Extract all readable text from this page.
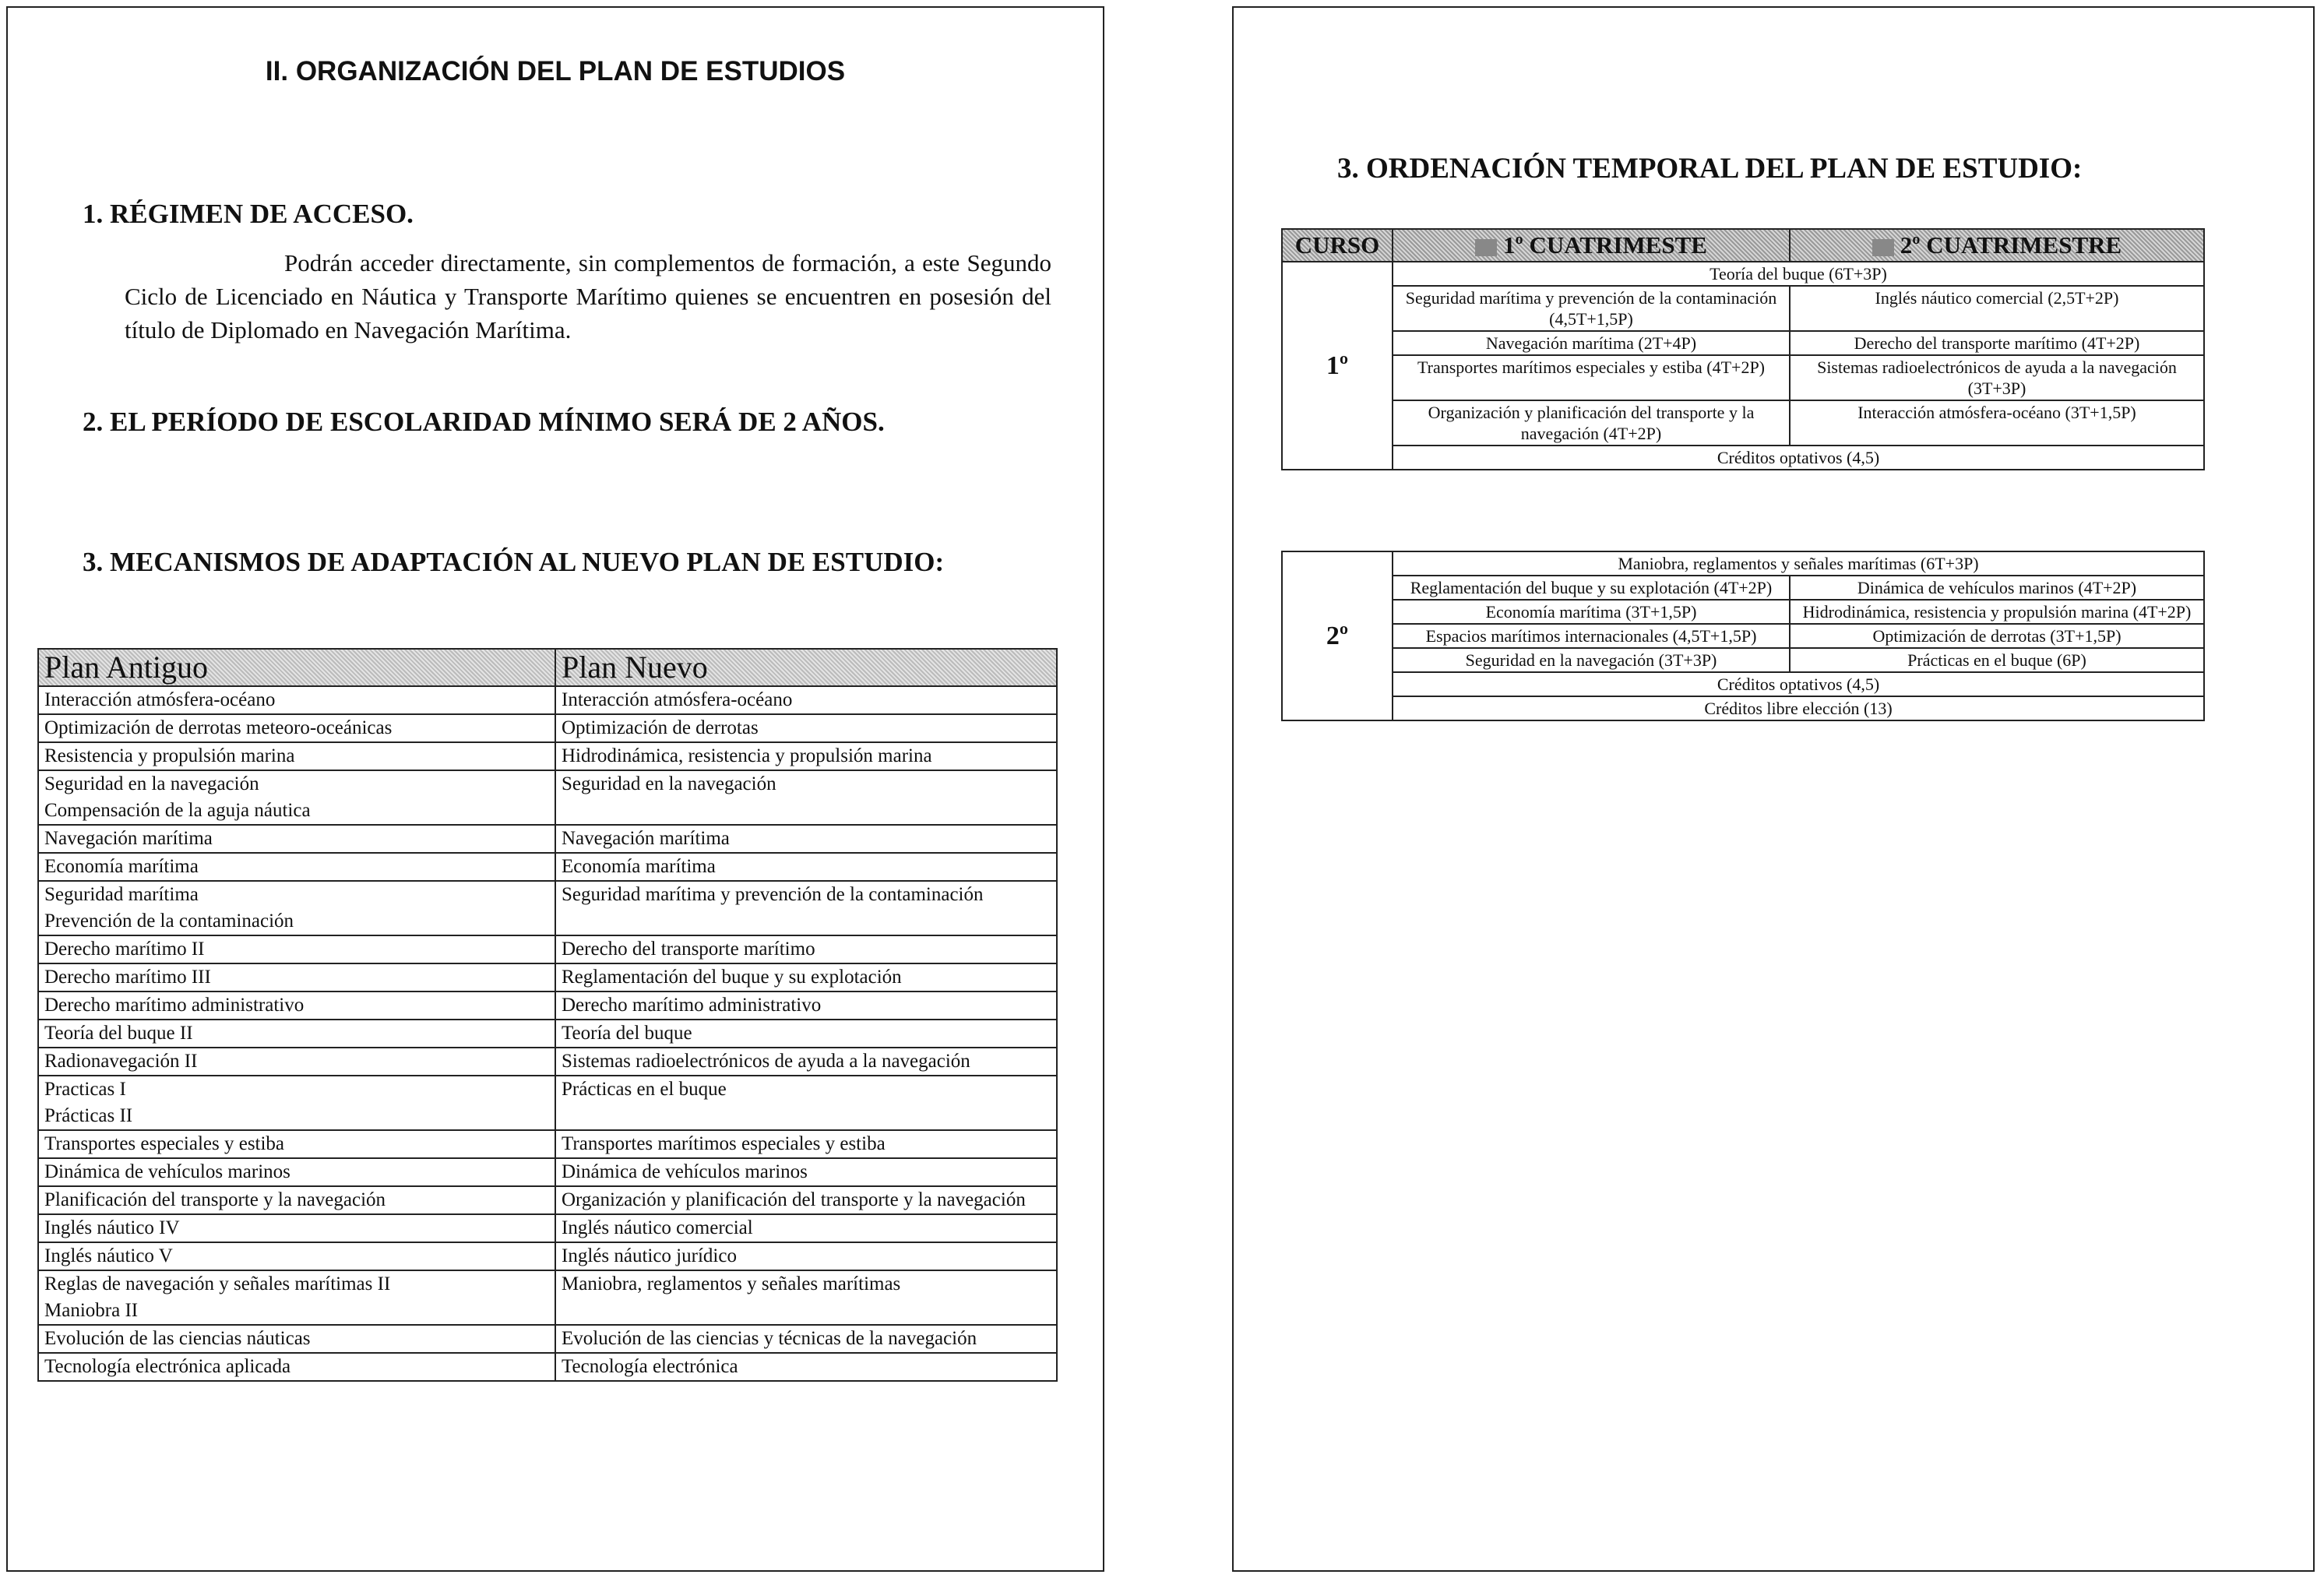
II. ORGANIZACIÓN DEL PLAN DE ESTUDIOS
1. RÉGIMEN DE ACCESO.
Podrán acceder directamente, sin complementos de formación, a este Segundo Ciclo de Licenciado en Náutica y Transporte Marítimo quienes se encuentren en posesión del título de Diplomado en Navegación Marítima.
2. EL PERÍODO DE ESCOLARIDAD MÍNIMO SERÁ DE 2 AÑOS.
3. MECANISMOS DE ADAPTACIÓN AL NUEVO PLAN DE ESTUDIO:
Plan Antiguo	Plan Nuevo
Interacción atmósfera-océano	Interacción atmósfera-océano
Optimización de derrotas meteoro-oceánicas	Optimización de derrotas
Resistencia y propulsión marina	Hidrodinámica, resistencia y propulsión marina
Seguridad en la navegación
Compensación de la aguja náutica	Seguridad en la navegación
Navegación marítima	Navegación marítima
Economía marítima	Economía marítima
Seguridad marítima
Prevención de la contaminación	Seguridad marítima y prevención de la contaminación
Derecho marítimo II	Derecho del transporte marítimo
Derecho marítimo III	Reglamentación del buque y su explotación
Derecho marítimo administrativo	Derecho marítimo administrativo
Teoría del buque II	Teoría del buque
Radionavegación II	Sistemas radioelectrónicos de ayuda a la navegación
Practicas I
Prácticas II	Prácticas en el buque
Transportes especiales y estiba	Transportes marítimos especiales y estiba
Dinámica de vehículos marinos	Dinámica de vehículos marinos
Planificación del transporte y la navegación	Organización y planificación del transporte y la navegación
Inglés náutico IV	Inglés náutico comercial
Inglés náutico V	Inglés náutico jurídico
Reglas de navegación y señales marítimas II
Maniobra II	Maniobra, reglamentos y señales marítimas
Evolución de las ciencias náuticas	Evolución de las ciencias y técnicas de la navegación
Tecnología electrónica aplicada	Tecnología electrónica
3. ORDENACIÓN TEMPORAL DEL PLAN DE ESTUDIO:
CURSO	1º CUATRIMESTE	2º CUATRIMESTRE
1º	Teoría del buque (6T+3P)	
	Seguridad marítima y prevención de la contaminación (4,5T+1,5P)	Inglés náutico comercial (2,5T+2P)
	Navegación marítima (2T+4P)	Derecho del transporte marítimo (4T+2P)
	Transportes marítimos especiales y estiba (4T+2P)	Sistemas radioelectrónicos de ayuda a la navegación (3T+3P)
	Organización y planificación del transporte y la navegación (4T+2P)	Interacción atmósfera-océano (3T+1,5P)
	Créditos optativos (4,5)	
2º	Maniobra, reglamentos y señales marítimas (6T+3P)	
	Reglamentación del buque y su explotación (4T+2P)	Dinámica de vehículos marinos (4T+2P)
	Economía marítima (3T+1,5P)	Hidrodinámica, resistencia y propulsión marina (4T+2P)
	Espacios marítimos internacionales (4,5T+1,5P)	Optimización de derrotas (3T+1,5P)
	Seguridad en la navegación (3T+3P)	Prácticas en el buque (6P)
	Créditos optativos (4,5)	
	Créditos libre elección (13)	
